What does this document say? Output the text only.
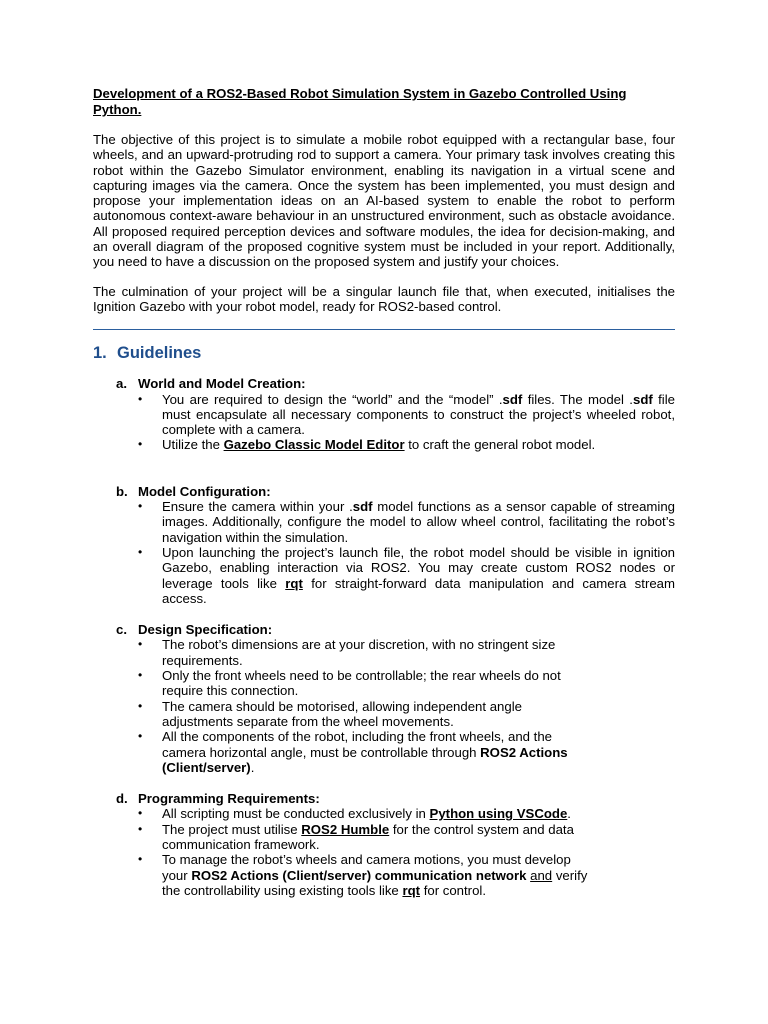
Development of a ROS2-Based Robot Simulation System in Gazebo Controlled Using Python.

The objective of this project is to simulate a mobile robot equipped with a rectangular base, four wheels, and an upward-protruding rod to support a camera. Your primary task involves creating this robot within the Gazebo Simulator environment, enabling its navigation in a virtual scene and capturing images via the camera. Once the system has been implemented, you must design and propose your implementation ideas on an AI-based system to enable the robot to perform autonomous context-aware behaviour in an unstructured environment, such as obstacle avoidance. All proposed required perception devices and software modules, the idea for decision-making, and an overall diagram of the proposed cognitive system must be included in your report. Additionally, you need to have a discussion on the proposed system and justify your choices.

The culmination of your project will be a singular launch file that, when executed, initialises the Ignition Gazebo with your robot model, ready for ROS2-based control.

1. Guidelines

a. World and Model Creation:

• You are required to design the “world” and the “model” .sdf files. The model .sdf file must encapsulate all necessary components to construct the project’s wheeled robot, complete with a camera.
• Utilize the Gazebo Classic Model Editor to craft the general robot model.

b. Model Configuration:

• Ensure the camera within your .sdf model functions as a sensor capable of streaming images. Additionally, configure the model to allow wheel control, facilitating the robot’s navigation within the simulation.
• Upon launching the project’s launch file, the robot model should be visible in ignition Gazebo, enabling interaction via ROS2. You may create custom ROS2 nodes or leverage tools like rqt for straight-forward data manipulation and camera stream access.

c. Design Specification:

• The robot’s dimensions are at your discretion, with no stringent size requirements.
• Only the front wheels need to be controllable; the rear wheels do not require this connection.
• The camera should be motorised, allowing independent angle adjustments separate from the wheel movements.
• All the components of the robot, including the front wheels, and the camera horizontal angle, must be controllable through ROS2 Actions (Client/server).

d. Programming Requirements:

• All scripting must be conducted exclusively in Python using VSCode.
• The project must utilise ROS2 Humble for the control system and data communication framework.
• To manage the robot’s wheels and camera motions, you must develop your ROS2 Actions (Client/server) communication network and verify the controllability using existing tools like rqt for control.
